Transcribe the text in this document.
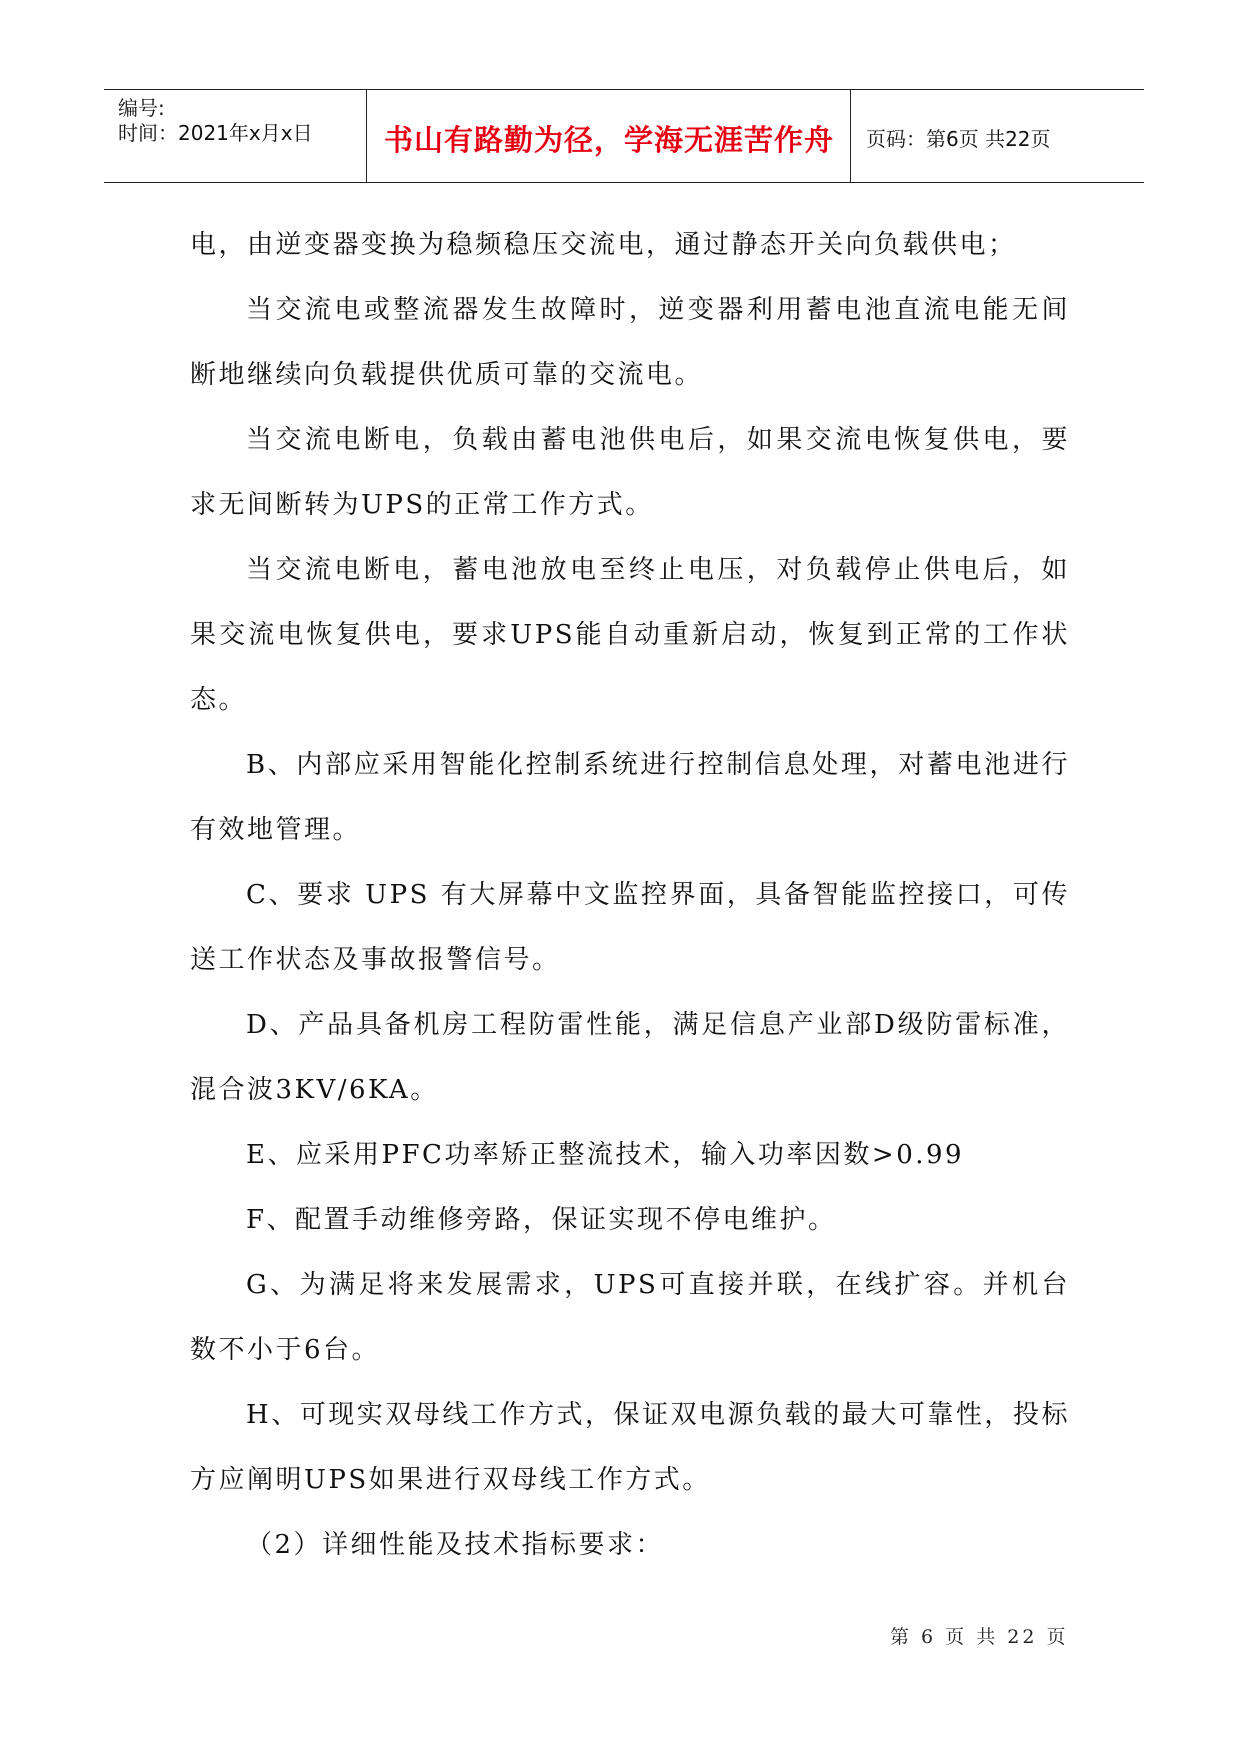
编号:
时间：2021年x月x日	书山有路勤为径，学海无涯苦作舟	页码：第6页 共22页

电，由逆变器变换为稳频稳压交流电，通过静态开关向负载供电；

当交流电或整流器发生故障时，逆变器利用蓄电池直流电能无间断地继续向负载提供优质可靠的交流电。

当交流电断电，负载由蓄电池供电后，如果交流电恢复供电，要求无间断转为UPS的正常工作方式。

当交流电断电，蓄电池放电至终止电压，对负载停止供电后，如果交流电恢复供电，要求UPS能自动重新启动，恢复到正常的工作状态。

B、内部应采用智能化控制系统进行控制信息处理，对蓄电池进行有效地管理。

C、要求 UPS 有大屏幕中文监控界面，具备智能监控接口，可传送工作状态及事故报警信号。

D、产品具备机房工程防雷性能，满足信息产业部D级防雷标准，混合波3KV/6KA。

E、应采用PFC功率矫正整流技术，输入功率因数>0.99

F、配置手动维修旁路，保证实现不停电维护。

G、为满足将来发展需求，UPS可直接并联，在线扩容。并机台数不小于6台。

H、可现实双母线工作方式，保证双电源负载的最大可靠性，投标方应阐明UPS如果进行双母线工作方式。

（2）详细性能及技术指标要求：

第 6 页 共 22 页
